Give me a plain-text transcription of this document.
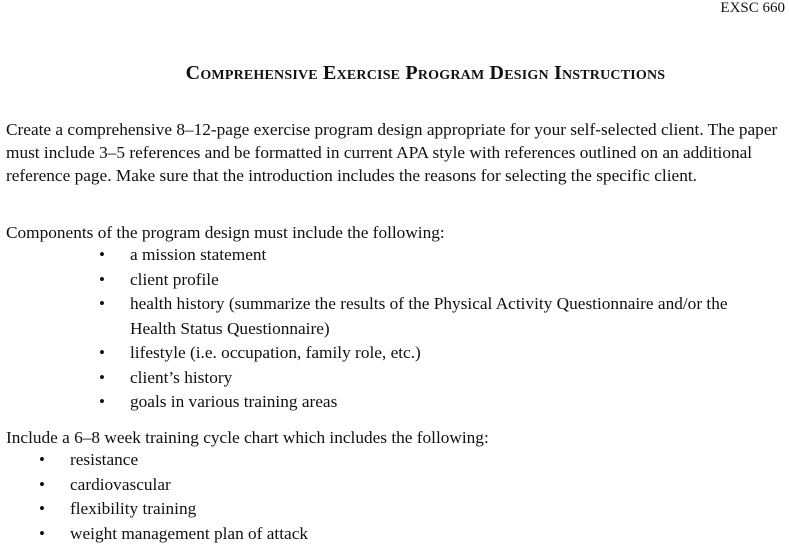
EXSC 660
Comprehensive Exercise Program Design Instructions

Create a comprehensive 8–12-page exercise program design appropriate for your self-selected client. The paper must include 3–5 references and be formatted in current APA style with references outlined on an additional reference page. Make sure that the introduction includes the reasons for selecting the specific client.

Components of the program design must include the following:

• a mission statement
• client profile
• health history (summarize the results of the Physical Activity Questionnaire and/or the Health Status Questionnaire)
• lifestyle (i.e. occupation, family role, etc.)
• client’s history
• goals in various training areas

Include a 6–8 week training cycle chart which includes the following:

• resistance
• cardiovascular
• flexibility training
• weight management plan of attack
